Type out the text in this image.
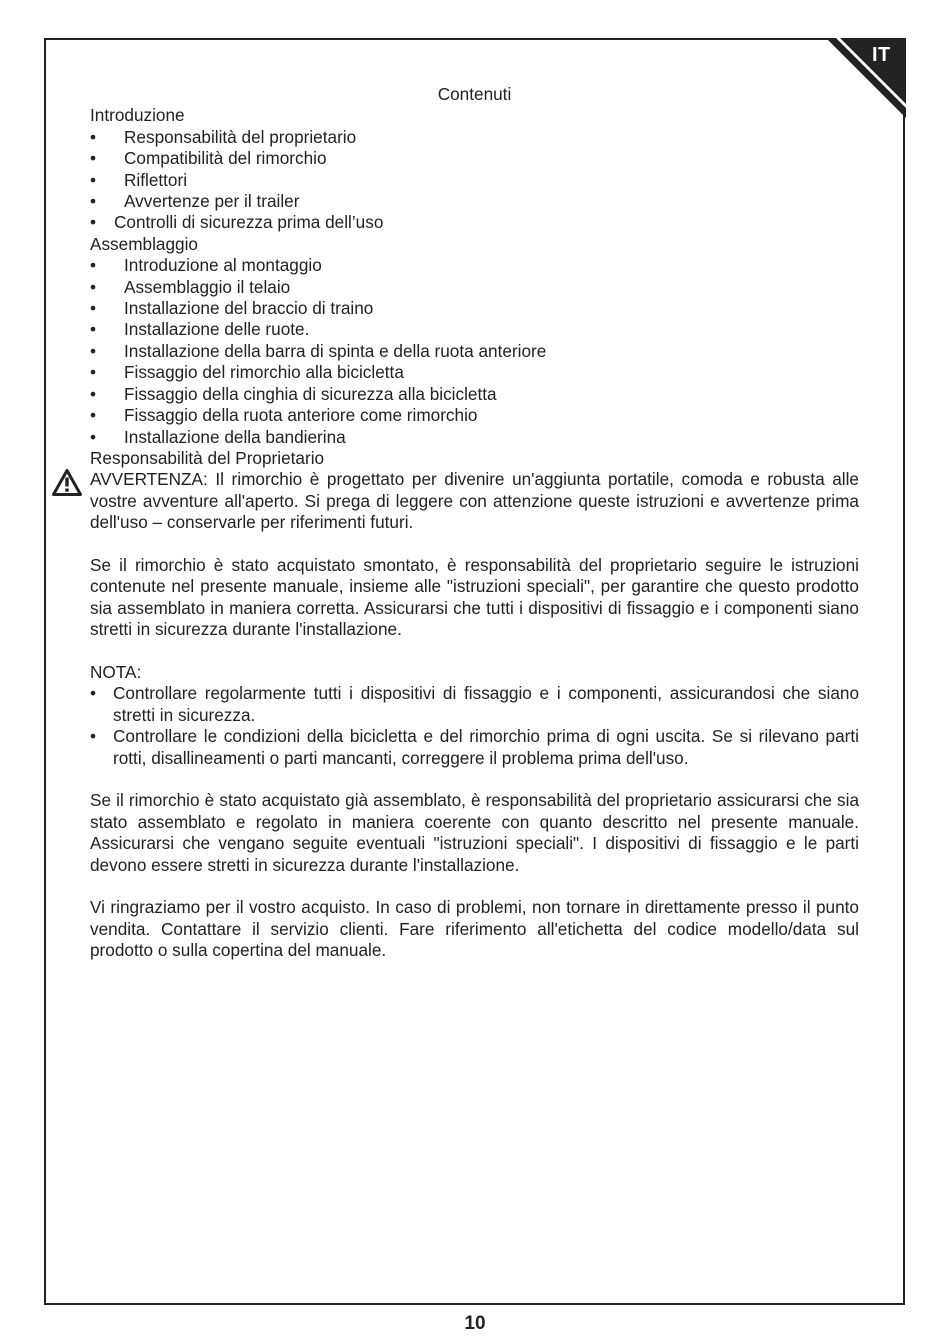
IT

Contenuti

Introduzione

• Responsabilità del proprietario

• Compatibilità del rimorchio

• Riflettori

• Avvertenze per il trailer

• Controlli di sicurezza prima dell’uso

Assemblaggio

• Introduzione al montaggio

• Assemblaggio il telaio

• Installazione del braccio di traino

• Installazione delle ruote.

• Installazione della barra di spinta e della ruota anteriore

• Fissaggio del rimorchio alla bicicletta

• Fissaggio della cinghia di sicurezza alla bicicletta

• Fissaggio della ruota anteriore come rimorchio

• Installazione della bandierina

Responsabilità del Proprietario

AVVERTENZA: Il rimorchio è progettato per divenire un'aggiunta portatile, comoda e robusta alle vostre avventure all'aperto. Si prega di leggere con attenzione queste istruzioni e avvertenze prima dell'uso – conservarle per riferimenti futuri.

Se il rimorchio è stato acquistato smontato, è responsabilità del proprietario seguire le istruzioni contenute nel presente manuale, insieme alle "istruzioni speciali", per garantire che questo prodotto sia assemblato in maniera corretta. Assicurarsi che tutti i dispositivi di fissaggio e i componenti siano stretti in sicurezza durante l'installazione.

NOTA:

• Controllare regolarmente tutti i dispositivi di fissaggio e i componenti, assicurandosi che siano stretti in sicurezza.

• Controllare le condizioni della bicicletta e del rimorchio prima di ogni uscita. Se si rilevano parti rotti, disallineamenti o parti mancanti, correggere il problema prima dell'uso.

Se il rimorchio è stato acquistato già assemblato, è responsabilità del proprietario assicurarsi che sia stato assemblato e regolato in maniera coerente con quanto descritto nel presente manuale. Assicurarsi che vengano seguite eventuali "istruzioni speciali". I dispositivi di fissaggio e le parti devono essere stretti in sicurezza durante l'installazione.

Vi ringraziamo per il vostro acquisto. In caso di problemi, non tornare in direttamente presso il punto vendita. Contattare il servizio clienti. Fare riferimento all'etichetta del codice modello/data sul prodotto o sulla copertina del manuale.

10
